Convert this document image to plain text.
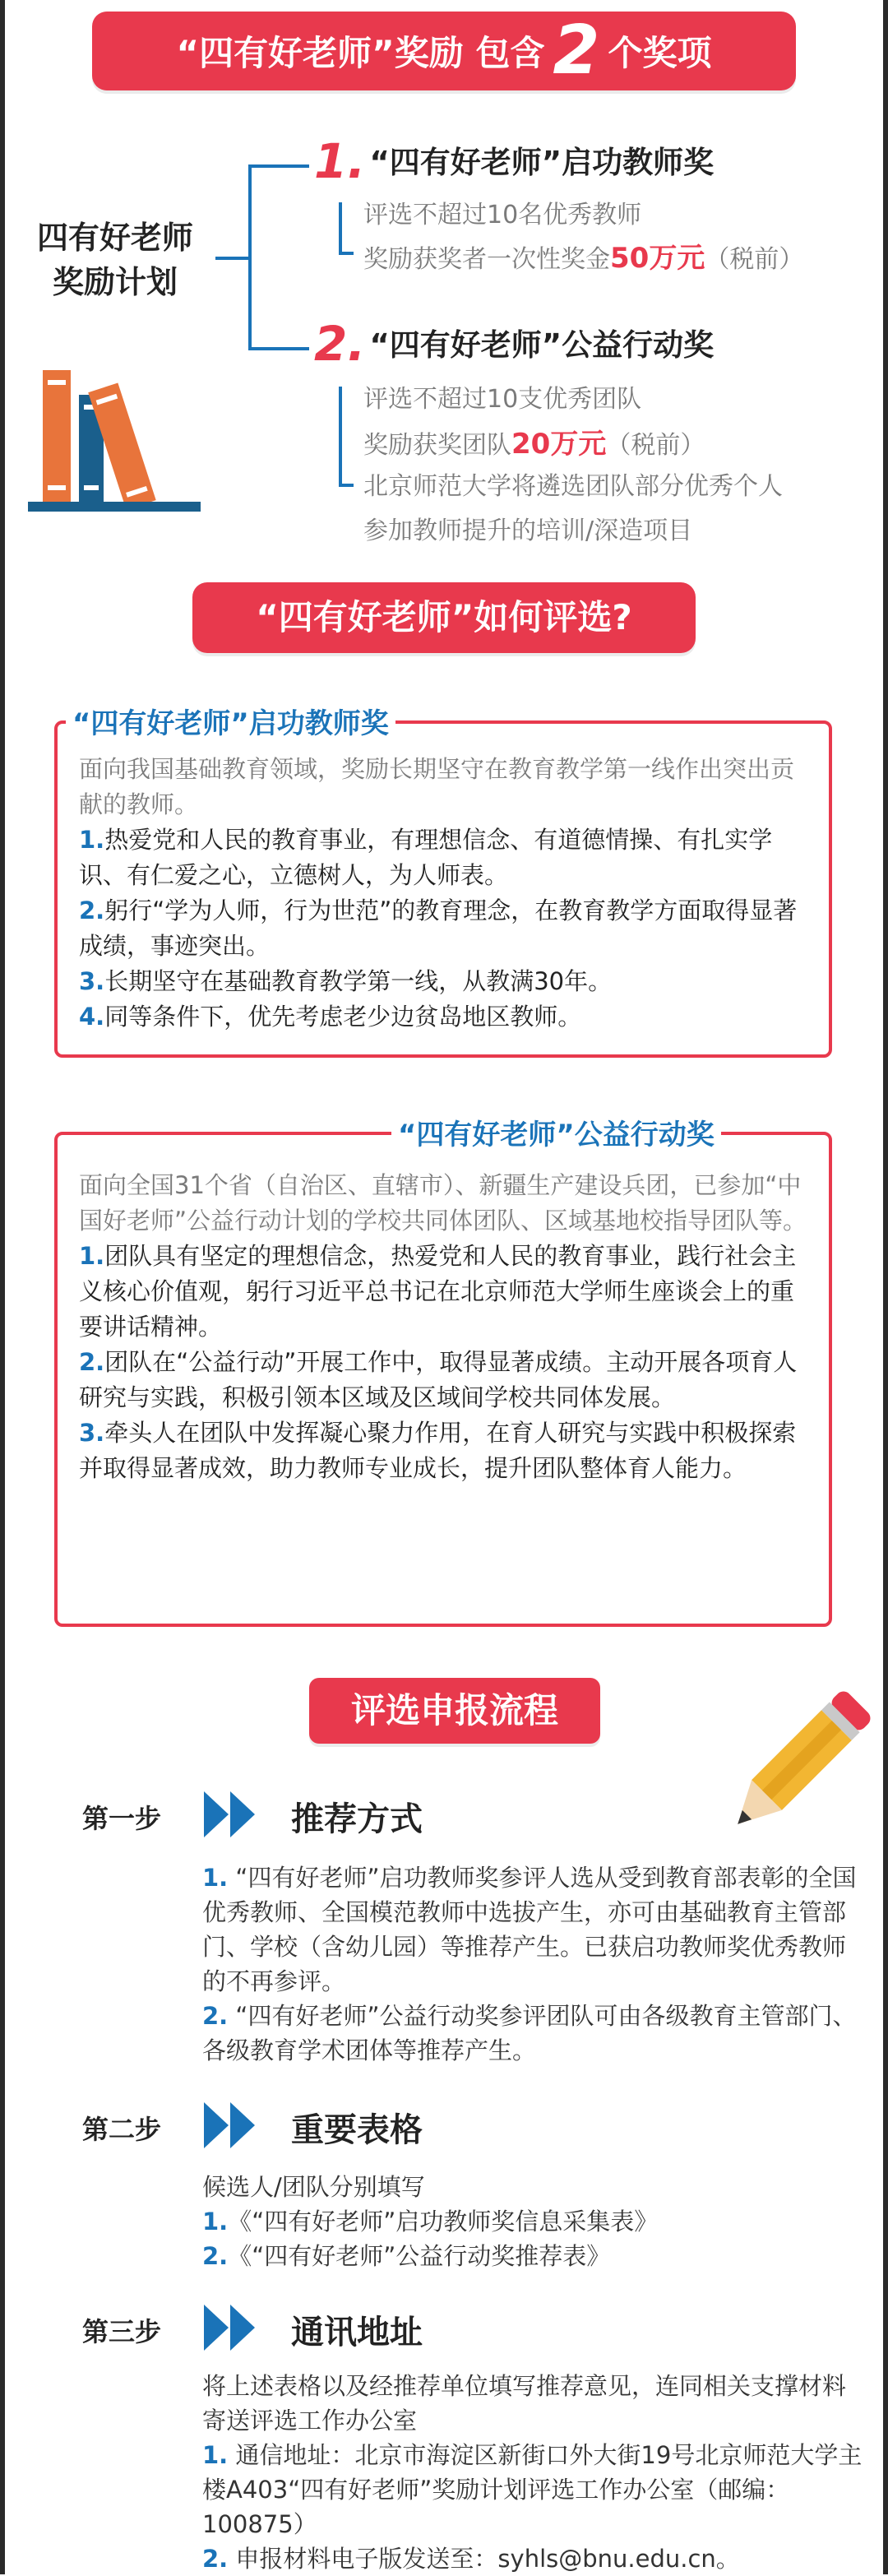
“四有好老师”奖励 包含 2 个奖项
四有好老师
奖励计划
1. “四有好老师”启功教师奖
评选不超过10名优秀教师
奖励获奖者一次性奖金50万元（税前）
2. “四有好老师”公益行动奖
评选不超过10支优秀团队
奖励获奖团队20万元（税前）
北京师范大学将遴选团队部分优秀个人
参加教师提升的培训/深造项目
“四有好老师”如何评选?
“四有好老师”启功教师奖

面向我国基础教育领域，奖励长期坚守在教育教学第一线作出突出贡献的教师。

1.热爱党和人民的教育事业，有理想信念、有道德情操、有扎实学识、有仁爱之心，立德树人，为人师表。

2.躬行“学为人师，行为世范”的教育理念，在教育教学方面取得显著成绩，事迹突出。

3.长期坚守在基础教育教学第一线，从教满30年。

4.同等条件下，优先考虑老少边贫岛地区教师。

“四有好老师”公益行动奖

面向全国31个省（自治区、直辖市）、新疆生产建设兵团，已参加“中国好老师”公益行动计划的学校共同体团队、区域基地校指导团队等。

1.团队具有坚定的理想信念，热爱党和人民的教育事业，践行社会主义核心价值观，躬行习近平总书记在北京师范大学师生座谈会上的重要讲话精神。

2.团队在“公益行动”开展工作中，取得显著成绩。主动开展各项育人研究与实践，积极引领本区域及区域间学校共同体发展。

3.牵头人在团队中发挥凝心聚力作用，在育人研究与实践中积极探索并取得显著成效，助力教师专业成长，提升团队整体育人能力。

评选申报流程
第一步	推荐方式

1. “四有好老师”启功教师奖参评人选从受到教育部表彰的全国优秀教师、全国模范教师中选拔产生，亦可由基础教育主管部门、学校（含幼儿园）等推荐产生。已获启功教师奖优秀教师的不再参评。

2. “四有好老师”公益行动奖参评团队可由各级教育主管部门、各级教育学术团体等推荐产生。

第二步	重要表格

候选人/团队分别填写

1.《“四有好老师”启功教师奖信息采集表》

2.《“四有好老师”公益行动奖推荐表》

第三步	通讯地址

将上述表格以及经推荐单位填写推荐意见，连同相关支撑材料寄送评选工作办公室

1. 通信地址：北京市海淀区新街口外大街19号北京师范大学主楼A403“四有好老师”奖励计划评选工作办公室（邮编：100875）

2. 申报材料电子版发送至：syhls@bnu.edu.cn。
